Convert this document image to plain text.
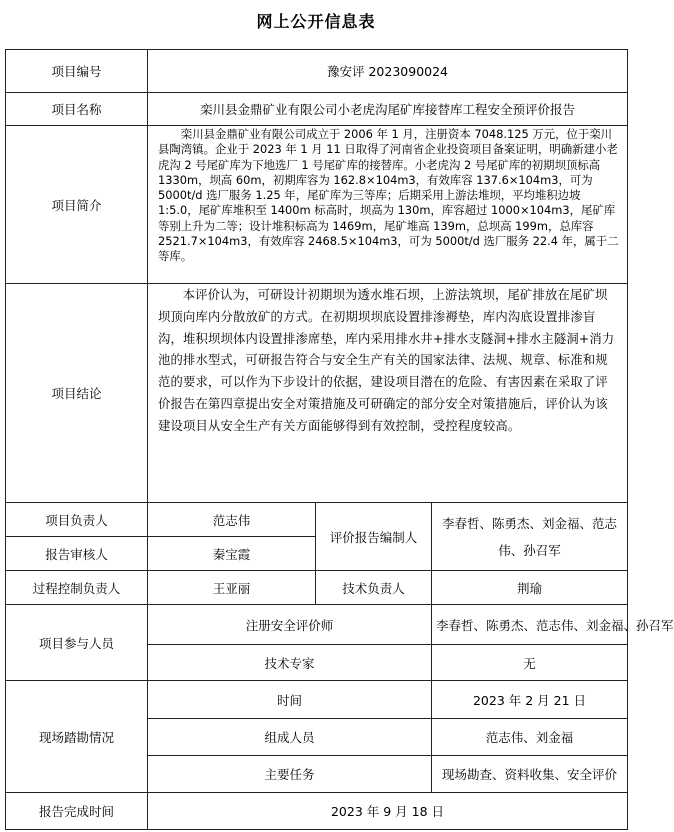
网上公开信息表
项目编号	豫安评 2023090024		
项目名称	栾川县金鼎矿业有限公司小老虎沟尾矿库接替库工程安全预评价报告		
项目简介	栾川县金鼎矿业有限公司成立于 2006 年 1 月，注册资本 7048.125 万元，位于栾川县陶湾镇。企业于 2023 年 1 月 11 日取得了河南省企业投资项目备案证明，明确新建小老虎沟 2 号尾矿库为下地选厂 1 号尾矿库的接替库。小老虎沟 2 号尾矿库的初期坝顶标高 1330m，坝高 60m，初期库容为 162.8×104m3，有效库容 137.6×104m3，可为 5000t/d 选厂服务 1.25 年，尾矿库为三等库；后期采用上游法堆坝，平均堆积边坡 1:5.0，尾矿库堆积至 1400m 标高时，坝高为 130m，库容超过 1000×104m3，尾矿库等别上升为二等；设计堆积标高为 1469m，尾矿堆高 139m，总坝高 199m，总库容 2521.7×104m3，有效库容 2468.5×104m3，可为 5000t/d 选厂服务 22.4 年，属于二等库。		
项目结论	本评价认为，可研设计初期坝为透水堆石坝，上游法筑坝，尾矿排放在尾矿坝坝顶向库内分散放矿的方式。在初期坝坝底设置排渗褥垫，库内沟底设置排渗盲沟，堆积坝坝体内设置排渗席垫，库内采用排水井+排水支隧洞+排水主隧洞+消力池的排水型式，可研报告符合与安全生产有关的国家法律、法规、规章、标准和规范的要求，可以作为下步设计的依据，建设项目潜在的危险、有害因素在采取了评价报告在第四章提出安全对策措施及可研确定的部分安全对策措施后，评价认为该建设项目从安全生产有关方面能够得到有效控制，受控程度较高。		
项目负责人	范志伟	评价报告编制人	李春哲、陈勇杰、刘金福、范志伟、孙召军
报告审核人	秦宝霞		
过程控制负责人	王亚丽	技术负责人	荆瑜
项目参与人员	注册安全评价师		李春哲、陈勇杰、范志伟、刘金福、孙召军
	技术专家		无
现场踏勘情况	时间		2023 年 2 月 21 日
	组成人员		范志伟、刘金福
	主要任务		现场勘查、资料收集、安全评价
报告完成时间	2023 年 9 月 18 日		
